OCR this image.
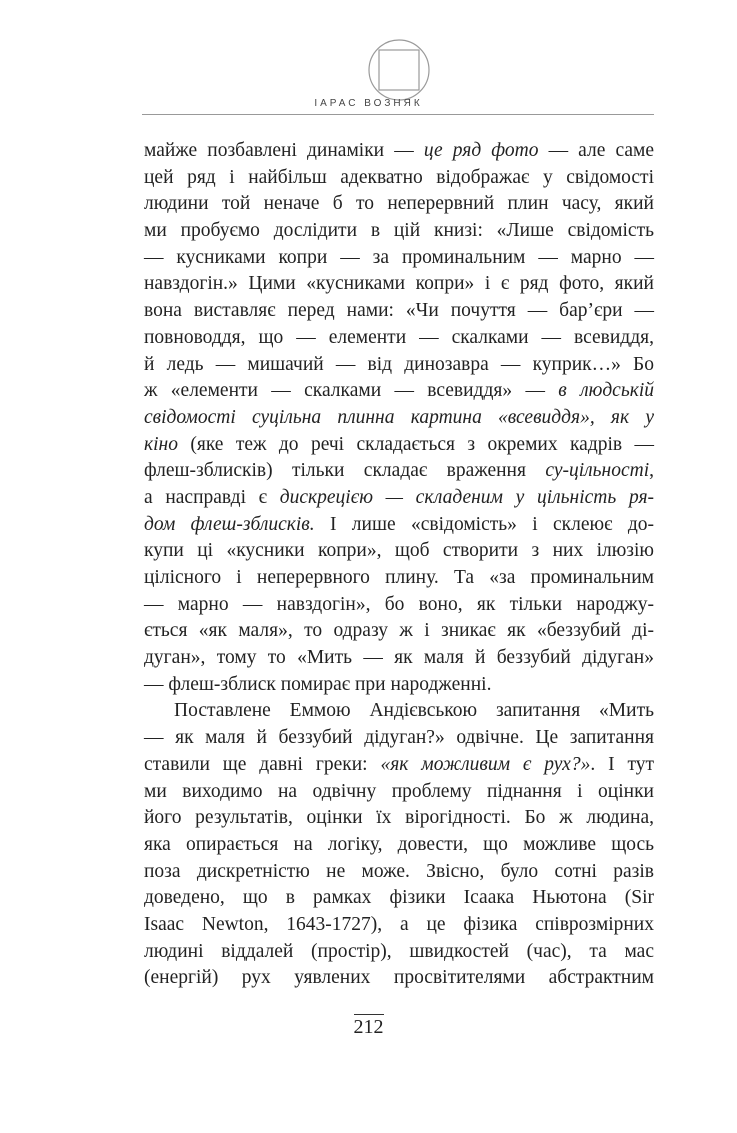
ІАРАС ВОЗНЯК
майже позбавлені динаміки — це ряд фото — але саме
цей ряд і найбільш адекватно відображає у свідомості
людини той неначе б то неперервний плин часу, який
ми пробуємо дослідити в цій книзі: «Лише свідомість
— кусниками копри — за проминальним — марно —
навздогін.» Цими «кусниками копри» і є ряд фото, який
вона виставляє перед нами: «Чи почуття — бар’єри —
повноводдя, що — елементи — скалками — всевиддя,
й ледь — мишачий — від динозавра — куприк…» Бо
ж «елементи — скалками — всевиддя» — в людській
свідомості суцільна плинна картина «всевиддя», як у
кіно (яке теж до речі складається з окремих кадрів —
флеш-зблисків) тільки складає враження су-цільності,
а насправді є дискрецією — складеним у цільність ря-
дом флеш-зблисків. І лише «свідомість» і склеює до-
купи ці «кусники копри», щоб створити з них ілюзію
цілісного і неперервного плину. Та «за проминальним
— марно — навздогін», бо воно, як тільки народжу-
ється «як маля», то одразу ж і зникає як «беззубий ді-
дуган», тому то «Мить — як маля й беззубий дідуган»
— флеш-зблиск помирає при народженні.
Поставлене Еммою Андієвською запитання «Мить
— як маля й беззубий дідуган?» одвічне. Це запитання
ставили ще давні греки: «як можливим є рух?». І тут
ми виходимо на одвічну проблему піднання і оцінки
його результатів, оцінки їх вірогідності. Бо ж людина,
яка опирається на логіку, довести, що можливе щось
поза дискретністю не може. Звісно, було сотні разів
доведено, що в рамках фізики Ісаака Ньютона (Sir
Isaac Newton, 1643-1727), а це фізика співрозмірних
людині віддалей (простір), швидкостей (час), та мас
(енергій) рух уявлених просвітителями абстрактним
212
